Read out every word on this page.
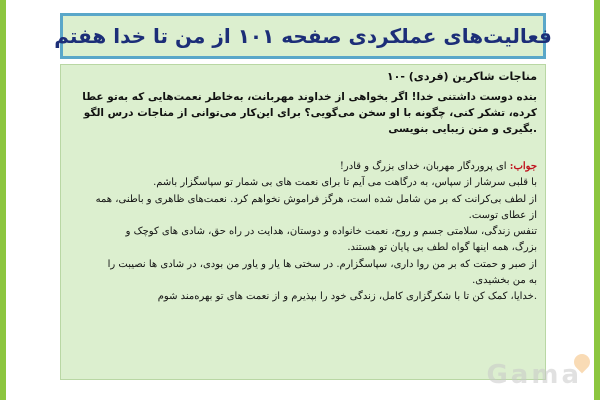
فعالیت‌های عملکردی صفحه ۱۰۱ از من تا خدا هفتم
مناجات شاکرین (فردی) -۱۰

بنده دوست داشتنی خدا! اگر بخواهی از خداوند مهربانت، به‌خاطر نعمت‌هایی که به‌تو عطا

کرده، تشکر کنی، چگونه با او سخن می‌گویی؟ برای این‌کار می‌توانی از مناجات درس الگو

.بگیری و متن زیبایی بنویسی

جواب: ای پروردگار مهربان، خدای بزرگ و قادر!

با قلبی سرشار از سپاس، به درگاهت می آیم تا برای نعمت های بی شمار تو سپاسگزار باشم.

از لطف بی‌کرانت که بر من شامل شده است، هرگز فراموش نخواهم کرد. نعمت‌های ظاهری و باطنی، همه

از عطای توست.

تنفس زندگی، سلامتی جسم و روح، نعمت خانواده و دوستان، هدایت در راه حق، شادی های کوچک و

بزرگ، همه اینها گواه لطف بی پایان تو هستند.

از صبر و حمتت که بر من روا داری، سپاسگزارم. در سختی ها یار و یاور من بودی، در شادی ها نصیبت را

به من بخشیدی.

.خدایا، کمک کن تا با شکرگزاری کامل، زندگی خود را بپذیرم و از نعمت های تو بهره‌مند شوم

Gama
